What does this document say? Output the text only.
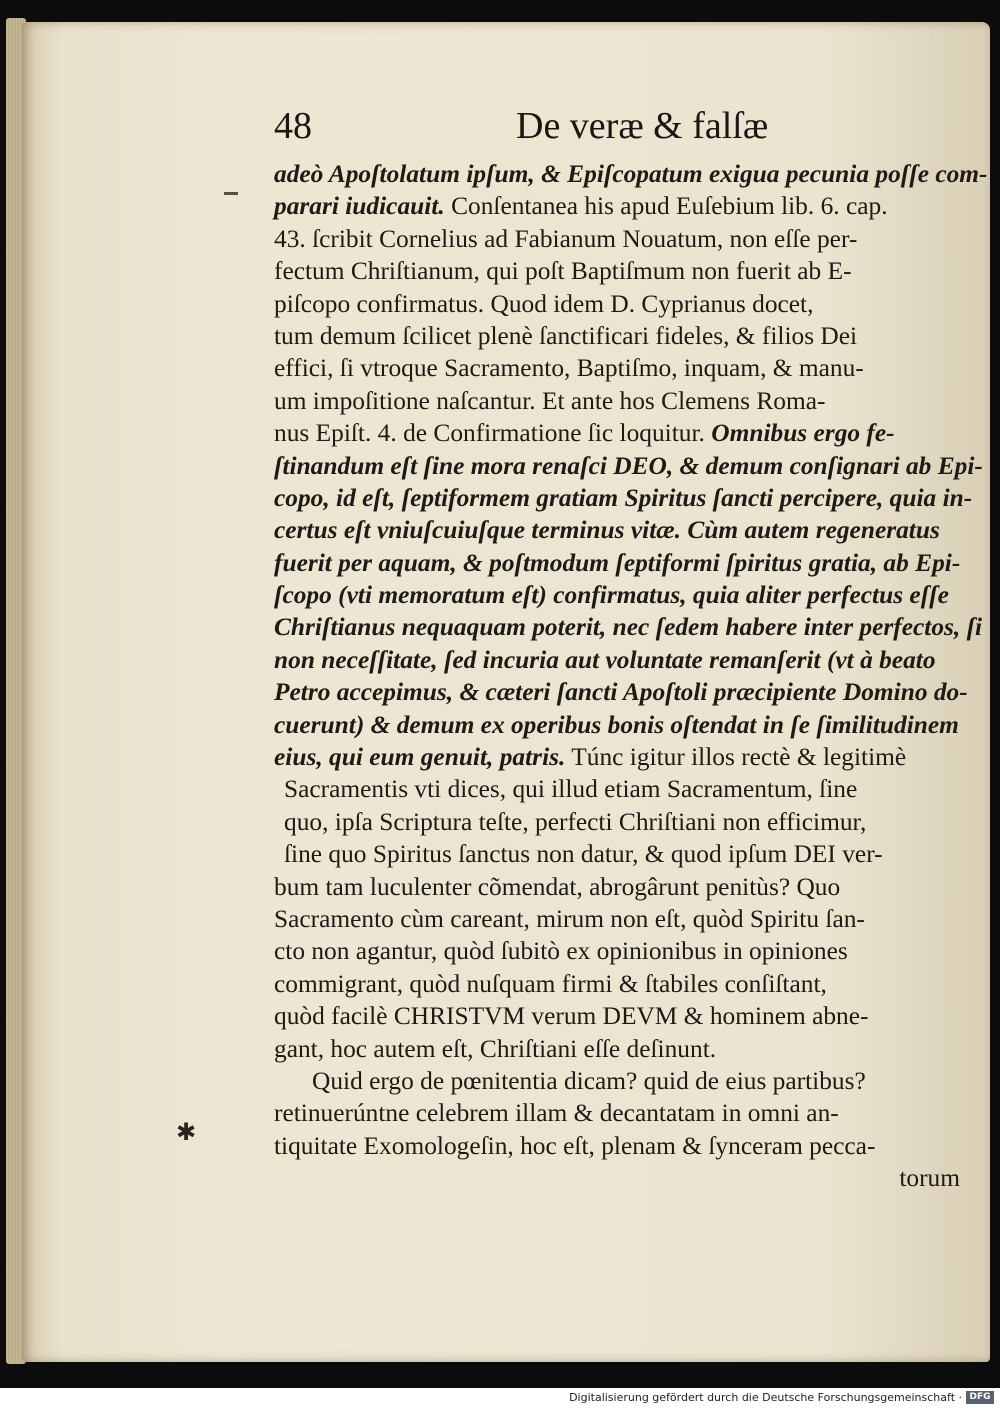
48	De veræ & falſæ
✱
adeò Apoſtolatum ipſum, & Epiſcopatum exigua pecunia poſſe com-
parari iudicauit. Conſentanea his apud Euſebium lib. 6. cap.
43. ſcribit Cornelius ad Fabianum Nouatum, non eſſe per-
fectum Chriſtianum, qui poſt Baptiſmum non fuerit ab E-
piſcopo confirmatus. Quod idem D. Cyprianus docet,
tum demum ſcilicet plenè ſanctificari fideles, & filios Dei
effici, ſi vtroque Sacramento, Baptiſmo, inquam, & manu-
um impoſitione naſcantur. Et ante hos Clemens Roma-
nus Epiſt. 4. de Confirmatione ſic loquitur. Omnibus ergo fe-
ſtinandum eſt ſine mora renaſci DEO, & demum conſignari ab Epi-
copo, id eſt, ſeptiformem gratiam Spiritus ſancti percipere, quia in-
certus eſt vniuſcuiuſque terminus vitæ. Cùm autem regeneratus
fuerit per aquam, & poſtmodum ſeptiformi ſpiritus gratia, ab Epi-
ſcopo (vti memoratum eſt) confirmatus, quia aliter perfectus eſſe
Chriſtianus nequaquam poterit, nec ſedem habere inter perfectos, ſi
non neceſſitate, ſed incuria aut voluntate remanſerit (vt à beato
Petro accepimus, & cæteri ſancti Apoſtoli præcipiente Domino do-
cuerunt) & demum ex operibus bonis oſtendat in ſe ſimilitudinem
eius, qui eum genuit, patris. Túnc igitur illos rectè & legitimè
Sacramentis vti dices, qui illud etiam Sacramentum, ſine
quo, ipſa Scriptura teſte, perfecti Chriſtiani non efficimur,
ſine quo Spiritus ſanctus non datur, & quod ipſum DEI ver-
bum tam luculenter cõmendat, abrogârunt penitùs? Quo
Sacramento cùm careant, mirum non eſt, quòd Spiritu ſan-
cto non agantur, quòd ſubitò ex opinionibus in opiniones
commigrant, quòd nuſquam firmi & ſtabiles conſiſtant,
quòd facilè CHRISTVM verum DEVM & hominem abne-
gant, hoc autem eſt, Chriſtiani eſſe deſinunt.
Quid ergo de pœnitentia dicam? quid de eius partibus?
retinuerúntne celebrem illam & decantatam in omni an-
tiquitate Exomologeſin, hoc eſt, plenam & ſynceram pecca-
torum
Digitalisierung gefördert durch die Deutsche Forschungsgemeinschaft · DFG
